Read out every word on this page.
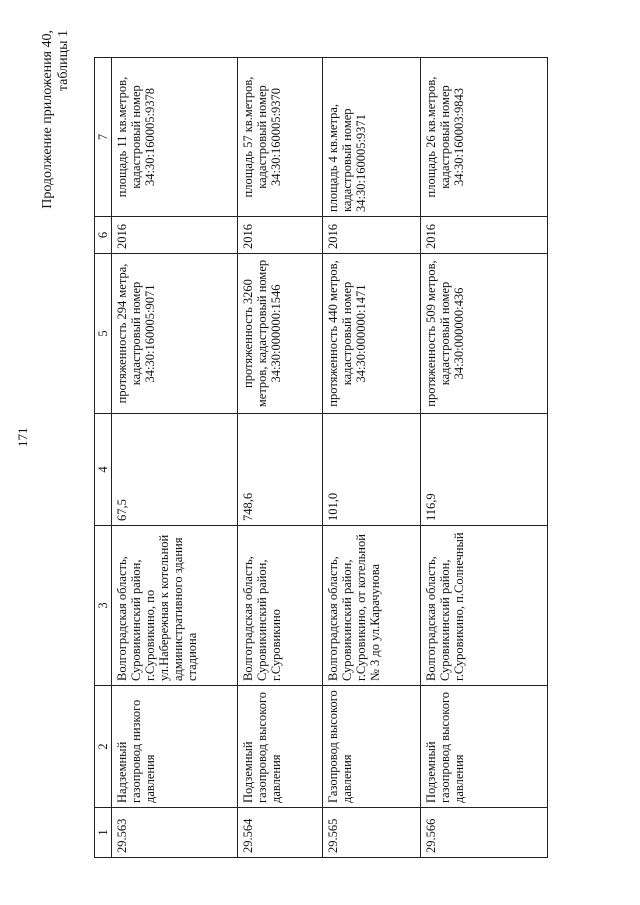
171
Продолжение приложения 40, таблицы 1
1	2	3	4	5	6	7
29.563	Надземный газопровод низкого давления	Волгоградская область, Суровикинский район, г.Суровикино, по ул.Набережная к котельной административного здания стадиона	67,5	протяженность 294 метра, кадастровый номер 34:30:160005:9071	2016	площадь 11 кв.метров, кадастровый номер 34:30:160005:9378
29.564	Подземный газопровод высокого давления	Волгоградская область, Суровикинский район, г.Суровикино	748,6	протяженность 3260 метров, кадастровый номер 34:30:000000:1546	2016	площадь 57 кв.метров, кадастровый номер 34:30:160005:9370
29.565	Газопровод высокого давления	Волгоградская область, Суровикинский район, г.Суровикино, от котельной № 3 до ул.Карачунова	101,0	протяженность 440 метров, кадастровый номер 34:30:000000:1471	2016	площадь 4 кв.метра, кадастровый номер 34:30:160005:9371
29.566	Подземный газопровод высокого давления	Волгоградская область, Суровикинский район, г.Суровикино, п.Солнечный	116,9	протяженность 509 метров, кадастровый номер 34:30:000000:436	2016	площадь 26 кв.метров, кадастровый номер 34:30:160003:9843
